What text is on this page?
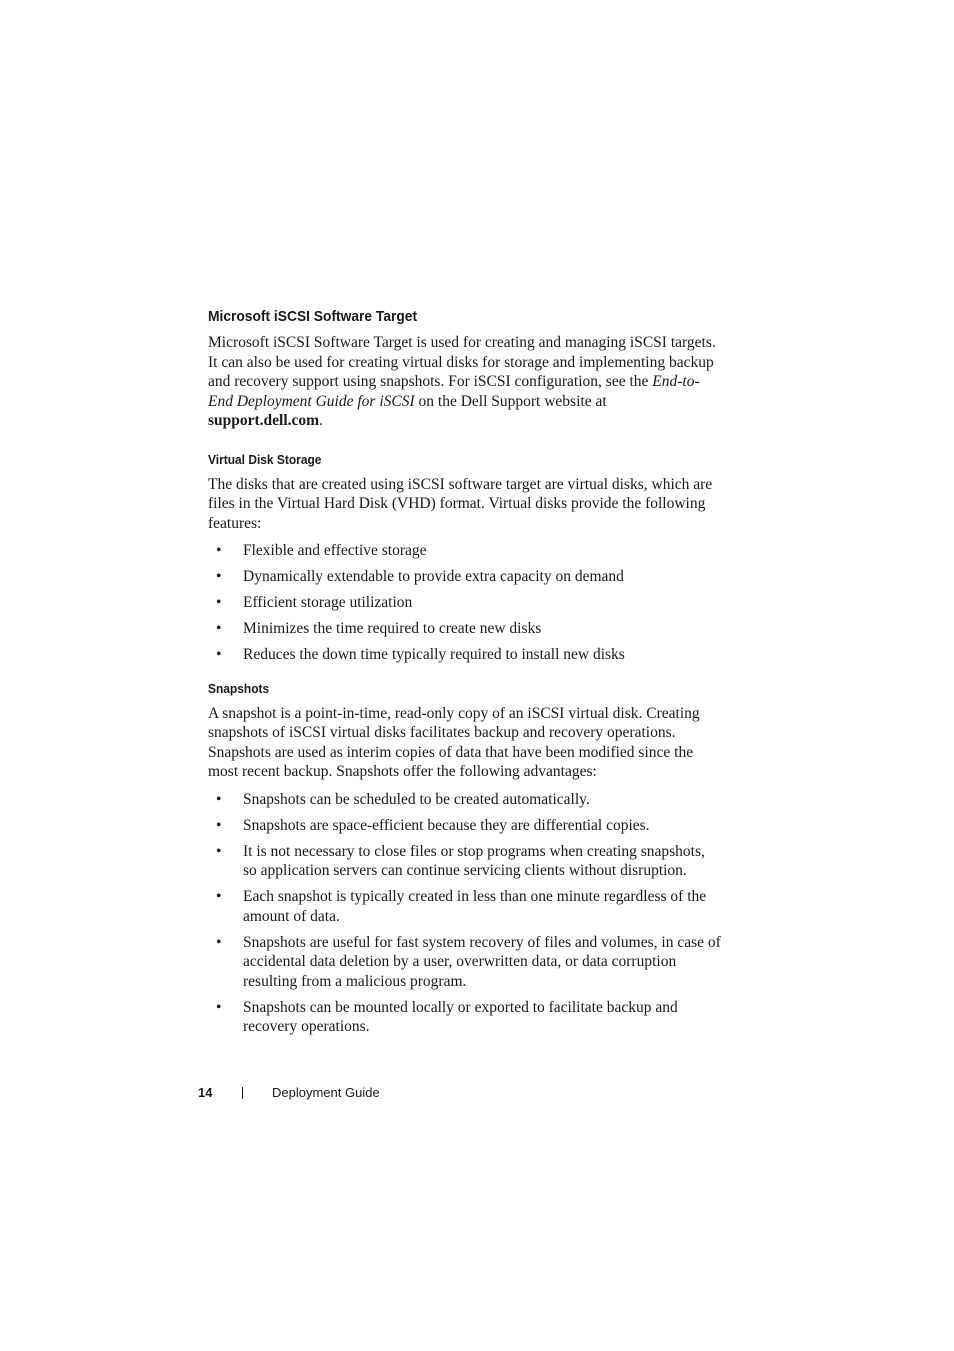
Microsoft iSCSI Software Target

Microsoft iSCSI Software Target is used for creating and managing iSCSI targets. It can also be used for creating virtual disks for storage and implementing backup and recovery support using snapshots. For iSCSI configuration, see the End-to-End Deployment Guide for iSCSI on the Dell Support website at support.dell.com.

Virtual Disk Storage

The disks that are created using iSCSI software target are virtual disks, which are files in the Virtual Hard Disk (VHD) format. Virtual disks provide the following features:

• Flexible and effective storage
• Dynamically extendable to provide extra capacity on demand
• Efficient storage utilization
• Minimizes the time required to create new disks
• Reduces the down time typically required to install new disks
Snapshots

A snapshot is a point-in-time, read-only copy of an iSCSI virtual disk. Creating snapshots of iSCSI virtual disks facilitates backup and recovery operations. Snapshots are used as interim copies of data that have been modified since the most recent backup. Snapshots offer the following advantages:

• Snapshots can be scheduled to be created automatically.
• Snapshots are space-efficient because they are differential copies.
• It is not necessary to close files or stop programs when creating snapshots, so application servers can continue servicing clients without disruption.
• Each snapshot is typically created in less than one minute regardless of the amount of data.
• Snapshots are useful for fast system recovery of files and volumes, in case of accidental data deletion by a user, overwritten data, or data corruption resulting from a malicious program.
• Snapshots can be mounted locally or exported to facilitate backup and recovery operations.
14	Deployment Guide
